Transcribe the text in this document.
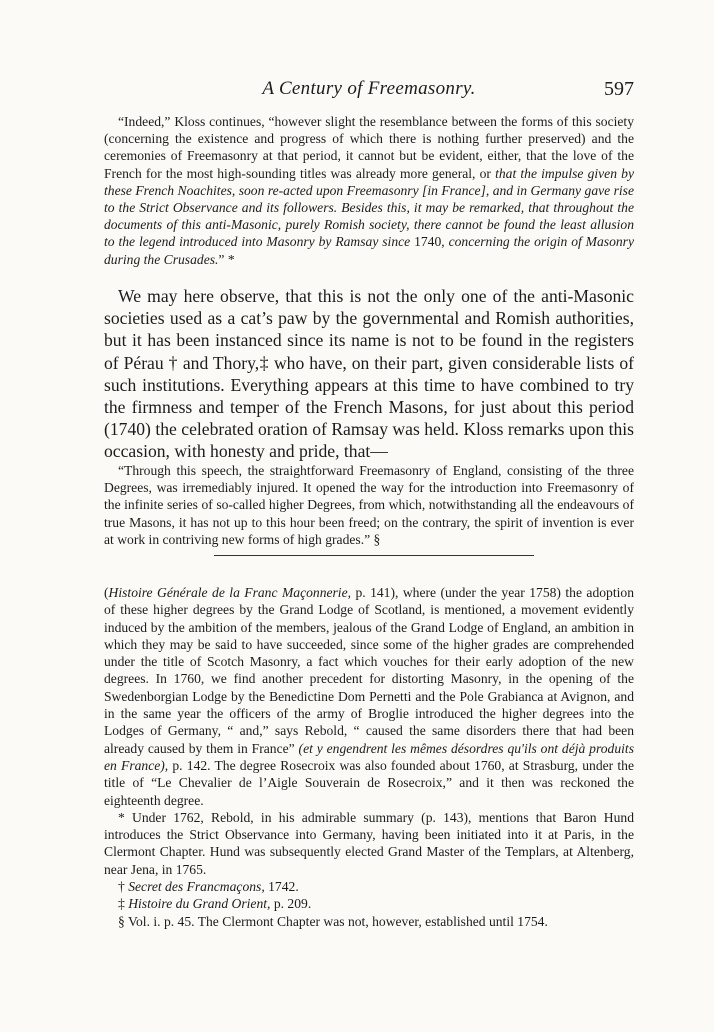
A Century of Freemasonry.	597

“Indeed,” Kloss continues, “however slight the resemblance between the forms of this society (concerning the existence and progress of which there is nothing further preserved) and the ceremonies of Freemasonry at that period, it cannot but be evident, either, that the love of the French for the most high-sounding titles was already more general, or that the impulse given by these French Noachites, soon re-acted upon Freemasonry [in France], and in Germany gave rise to the Strict Observance and its followers. Besides this, it may be remarked, that throughout the documents of this anti-Masonic, purely Romish society, there cannot be found the least allusion to the legend introduced into Masonry by Ramsay since 1740, concerning the origin of Masonry during the Crusades.” *

We may here observe, that this is not the only one of the anti-Masonic societies used as a cat’s paw by the governmental and Romish authorities, but it has been instanced since its name is not to be found in the registers of Pérau † and Thory,‡ who have, on their part, given considerable lists of such institutions. Everything appears at this time to have combined to try the firmness and temper of the French Masons, for just about this period (1740) the celebrated oration of Ramsay was held. Kloss remarks upon this occasion, with honesty and pride, that—

“Through this speech, the straightforward Freemasonry of England, consisting of the three Degrees, was irremediably injured. It opened the way for the introduction into Freemasonry of the infinite series of so-called higher Degrees, from which, notwithstanding all the endeavours of true Masons, it has not up to this hour been freed; on the contrary, the spirit of invention is ever at work in contriving new forms of high grades.” §

(Histoire Générale de la Franc Maçonnerie, p. 141), where (under the year 1758) the adoption of these higher degrees by the Grand Lodge of Scotland, is mentioned, a movement evidently induced by the ambition of the members, jealous of the Grand Lodge of England, an ambition in which they may be said to have succeeded, since some of the higher grades are comprehended under the title of Scotch Masonry, a fact which vouches for their early adoption of the new degrees. In 1760, we find another precedent for distorting Masonry, in the opening of the Swedenborgian Lodge by the Benedictine Dom Pernetti and the Pole Grabianca at Avignon, and in the same year the officers of the army of Broglie introduced the higher degrees into the Lodges of Germany, “ and,” says Rebold, “ caused the same disorders there that had been already caused by them in France” (et y engendrent les mêmes désordres qu'ils ont déjà produits en France), p. 142. The degree Rosecroix was also founded about 1760, at Strasburg, under the title of “Le Chevalier de l’Aigle Souverain de Rosecroix,” and it then was reckoned the eighteenth degree.

* Under 1762, Rebold, in his admirable summary (p. 143), mentions that Baron Hund introduces the Strict Observance into Germany, having been initiated into it at Paris, in the Clermont Chapter. Hund was subsequently elected Grand Master of the Templars, at Altenberg, near Jena, in 1765.

† Secret des Francmaçons, 1742.

‡ Histoire du Grand Orient, p. 209.

§ Vol. i. p. 45. The Clermont Chapter was not, however, established until 1754.
